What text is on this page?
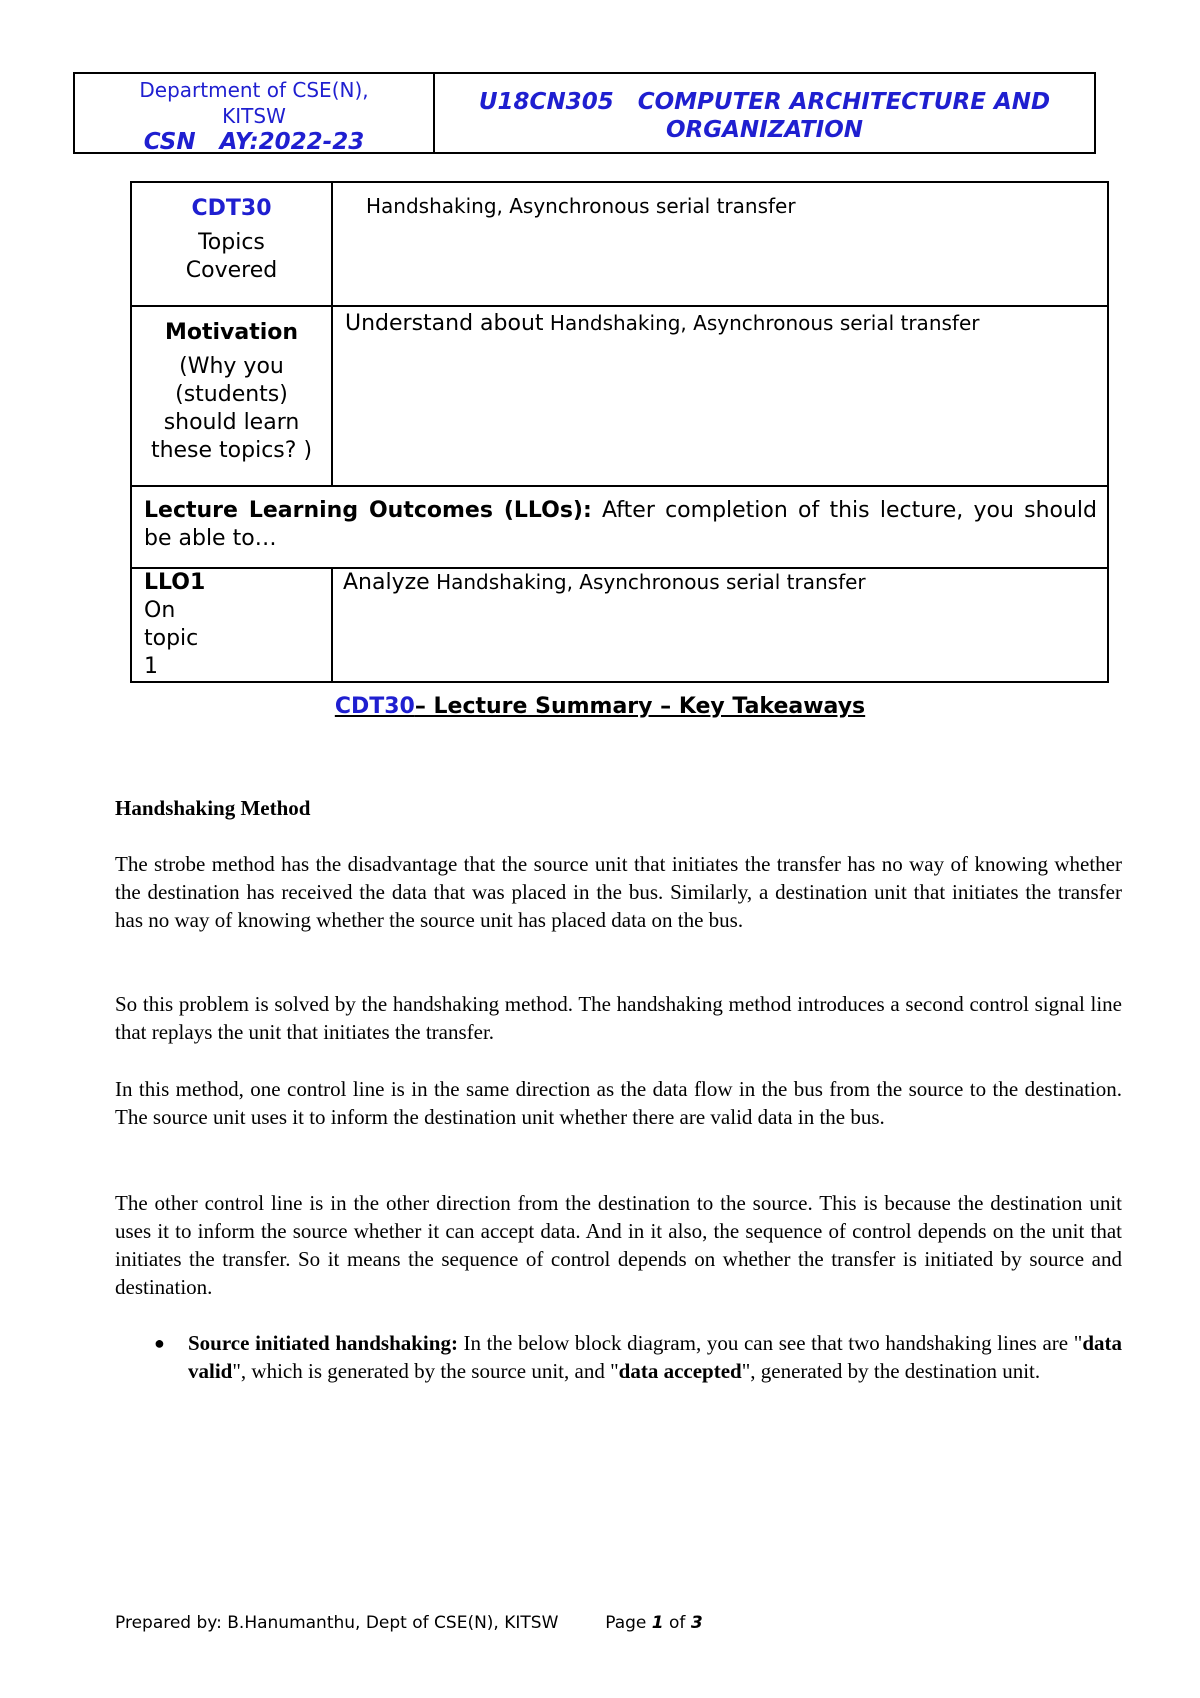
Department of CSE(N),
KITSW
CSN AY:2022-23
U18CN305   COMPUTER ARCHITECTURE AND
ORGANIZATION
CDT30
Topics
Covered	Handshaking, Asynchronous serial transfer

Motivation
(Why you
(students)
should learn
these topics? )	Understand about Handshaking, Asynchronous serial transfer
Lecture Learning Outcomes (LLOs): After completion of this lecture, you should be able to…	

LLO1
On
topic
1	Analyze Handshaking, Asynchronous serial transfer
CDT30– Lecture Summary – Key Takeaways
Handshaking Method

The strobe method has the disadvantage that the source unit that initiates the transfer has no way of knowing whether the destination has received the data that was placed in the bus. Similarly, a destination unit that initiates the transfer has no way of knowing whether the source unit has placed data on the bus.

So this problem is solved by the handshaking method. The handshaking method introduces a second control signal line that replays the unit that initiates the transfer.

In this method, one control line is in the same direction as the data flow in the bus from the source to the destination. The source unit uses it to inform the destination unit whether there are valid data in the bus.

The other control line is in the other direction from the destination to the source. This is because the destination unit uses it to inform the source whether it can accept data. And in it also, the sequence of control depends on the unit that initiates the transfer. So it means the sequence of control depends on whether the transfer is initiated by source and destination.

●	Source initiated handshaking: In the below block diagram, you can see that two handshaking lines are "data valid", which is generated by the source unit, and "data accepted", generated by the destination unit.
Prepared by: B.Hanumanthu, Dept of CSE(N), KITSW	Page 1 of 3
